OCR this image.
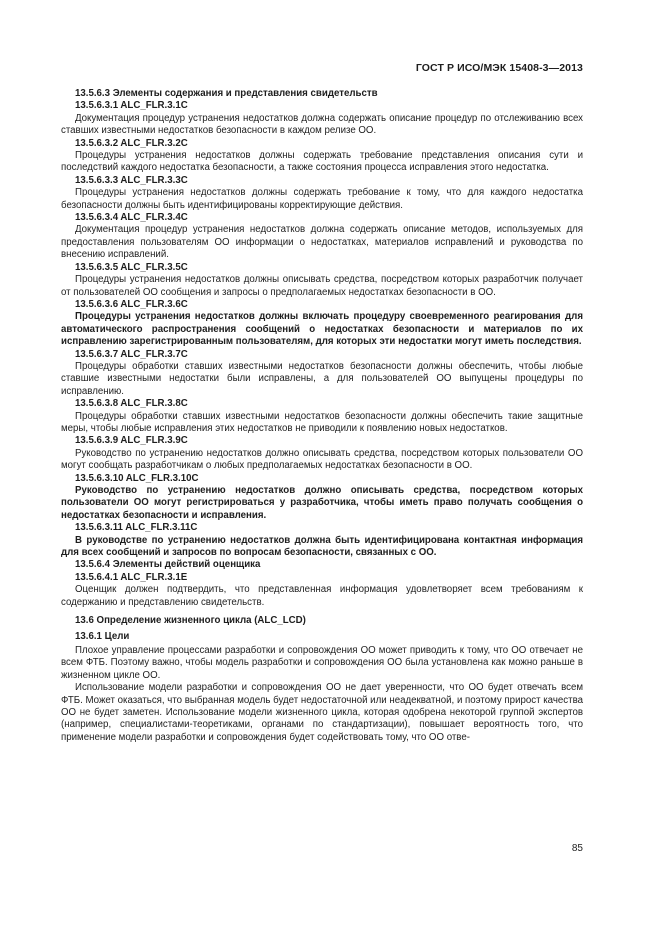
ГОСТ Р ИСО/МЭК 15408-3—2013
13.5.6.3 Элементы содержания и представления свидетельств
13.5.6.3.1 ALC_FLR.3.1C
Документация процедур устранения недостатков должна содержать описание процедур по отслеживанию всех ставших известными недостатков безопасности в каждом релизе ОО.
13.5.6.3.2 ALC_FLR.3.2C
Процедуры устранения недостатков должны содержать требование представления описания сути и последствий каждого недостатка безопасности, а также состояния процесса исправления этого недостатка.
13.5.6.3.3 ALC_FLR.3.3C
Процедуры устранения недостатков должны содержать требование к тому, что для каждого недостатка безопасности должны быть идентифицированы корректирующие действия.
13.5.6.3.4 ALC_FLR.3.4C
Документация процедур устранения недостатков должна содержать описание методов, используемых для предоставления пользователям ОО информации о недостатках, материалов исправлений и руководства по внесению исправлений.
13.5.6.3.5 ALC_FLR.3.5C
Процедуры устранения недостатков должны описывать средства, посредством которых разработчик получает от пользователей ОО сообщения и запросы о предполагаемых недостатках безопасности в ОО.
13.5.6.3.6 ALC_FLR.3.6C
Процедуры устранения недостатков должны включать процедуру своевременного реагирования для автоматического распространения сообщений о недостатках безопасности и материалов по их исправлению зарегистрированным пользователям, для которых эти недостатки могут иметь последствия.
13.5.6.3.7 ALC_FLR.3.7C
Процедуры обработки ставших известными недостатков безопасности должны обеспечить, чтобы любые ставшие известными недостатки были исправлены, а для пользователей ОО выпущены процедуры по исправлению.
13.5.6.3.8 ALC_FLR.3.8C
Процедуры обработки ставших известными недостатков безопасности должны обеспечить такие защитные меры, чтобы любые исправления этих недостатков не приводили к появлению новых недостатков.
13.5.6.3.9 ALC_FLR.3.9C
Руководство по устранению недостатков должно описывать средства, посредством которых пользователи ОО могут сообщать разработчикам о любых предполагаемых недостатках безопасности в ОО.
13.5.6.3.10 ALC_FLR.3.10C
Руководство по устранению недостатков должно описывать средства, посредством которых пользователи ОО могут регистрироваться у разработчика, чтобы иметь право получать сообщения о недостатках безопасности и исправления.
13.5.6.3.11 ALC_FLR.3.11C
В руководстве по устранению недостатков должна быть идентифицирована контактная информация для всех сообщений и запросов по вопросам безопасности, связанных с ОО.
13.5.6.4 Элементы действий оценщика
13.5.6.4.1 ALC_FLR.3.1E
Оценщик должен подтвердить, что представленная информация удовлетворяет всем требованиям к содержанию и представлению свидетельств.
13.6 Определение жизненного цикла (ALC_LCD)
13.6.1 Цели
Плохое управление процессами разработки и сопровождения ОО может приводить к тому, что ОО отвечает не всем ФТБ. Поэтому важно, чтобы модель разработки и сопровождения ОО была установлена как можно раньше в жизненном цикле ОО.
Использование модели разработки и сопровождения ОО не дает уверенности, что ОО будет отвечать всем ФТБ. Может оказаться, что выбранная модель будет недостаточной или неадекватной, и поэтому прирост качества ОО не будет заметен. Использование модели жизненного цикла, которая одобрена некоторой группой экспертов (например, специалистами-теоретиками, органами по стандартизации), повышает вероятность того, что применение модели разработки и сопровождения будет содействовать тому, что ОО отве-
85
